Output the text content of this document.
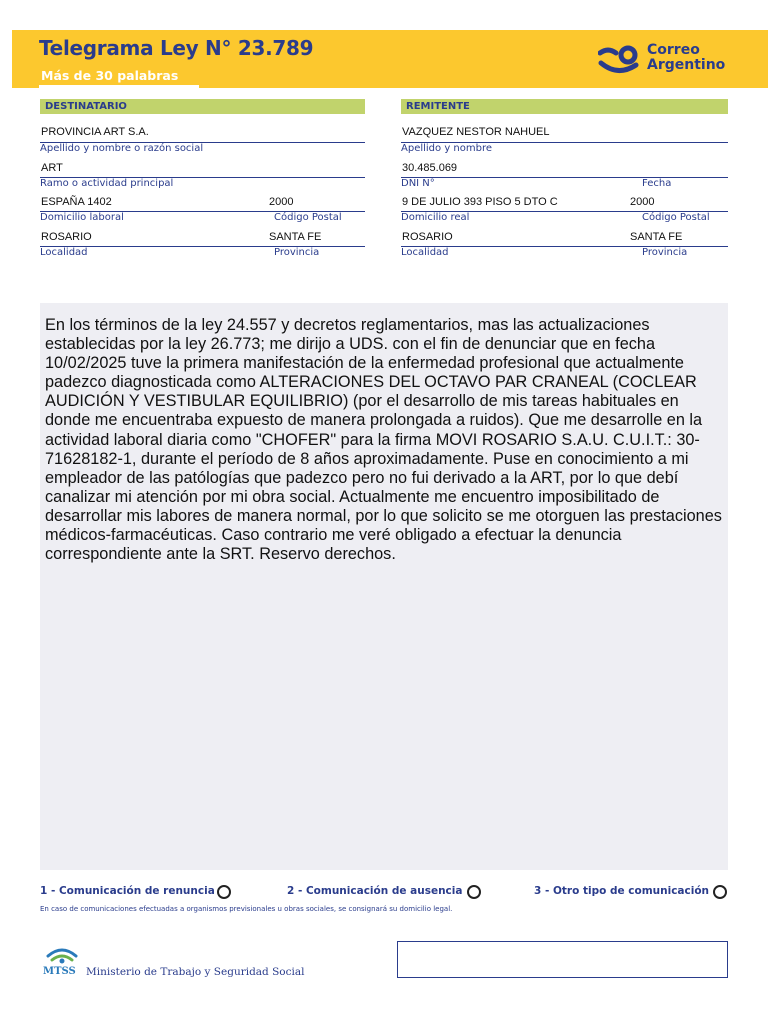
Telegrama Ley N° 23.789
Más de 30 palabras
Correo
Argentino
DESTINATARIO
PROVINCIA ART S.A.
Apellido y nombre o razón social
ART
Ramo o actividad principal
ESPAÑA 1402	2000
Domicilio laboral	Código Postal
ROSARIO	SANTA FE
Localidad	Provincia
REMITENTE
VAZQUEZ NESTOR NAHUEL
Apellido y nombre
30.485.069
DNI N°	Fecha
9 DE JULIO 393 PISO 5 DTO C	2000
Domicilio real	Código Postal
ROSARIO	SANTA FE
Localidad	Provincia
En los términos de la ley 24.557 y decretos reglamentarios, mas las actualizaciones establecidas por la ley 26.773; me dirijo a UDS. con el fin de denunciar que en fecha 10/02/2025 tuve la primera manifestación de la enfermedad profesional que actualmente padezco diagnosticada como ALTERACIONES DEL OCTAVO PAR CRANEAL (COCLEAR AUDICIÓN Y VESTIBULAR EQUILIBRIO) (por el desarrollo de mis tareas habituales en donde me encuentraba expuesto de manera prolongada a ruidos). Que me desarrolle en la actividad laboral diaria como "CHOFER" para la firma MOVI ROSARIO S.A.U. C.U.I.T.: 30-71628182-1, durante el período de 8 años aproximadamente. Puse en conocimiento a mi empleador de las patólogías que padezco pero no fui derivado a la ART, por lo que debí canalizar mi atención por mi obra social. Actualmente me encuentro imposibilitado de desarrollar mis labores de manera normal, por lo que solicito se me otorguen las prestaciones médicos-farmacéuticas. Caso contrario me veré obligado a efectuar la denuncia correspondiente ante la SRT. Reservo derechos.
1 - Comunicación de renuncia	2 - Comunicación de ausencia	3 - Otro tipo de comunicación
En caso de comunicaciones efectuadas a organismos previsionales u obras sociales, se consignará su domicilio legal.
MTSS Ministerio de Trabajo y Seguridad Social
